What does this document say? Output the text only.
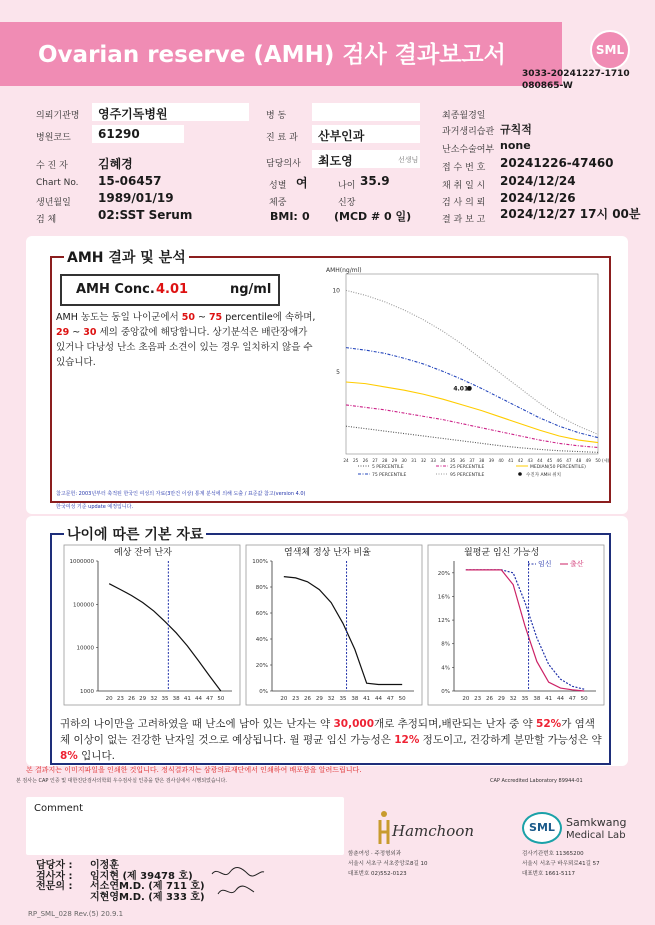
Ovarian reserve (AMH) 검사 결과보고서	SML
3033-20241227-1710 080865-W
의뢰기관명 영주기독병원
병원코드 61290
수 진 자	김혜경
Chart No. 15-06457
생년월일 1989/01/19
검 체	02:SST Serum
병 동
진 료 과 산부인과
담당의사 최도영	선생님
성별 여	나이 35.9
체중	신장
BMI: 0 (MCD # 0 일)
최종월경일
과거생리습관 규칙적
난소수술여부 none
접 수 번 호 20241226-47460
채 취 일 시 2024/12/24
검 사 의 뢰 2024/12/26
결 과 보 고 2024/12/27 17시 00분
AMH 결과 및 분석
AMH Conc. 4.01	ng/ml
AMH 농도는 동일 나이군에서 50 ~ 75 percentile에 속하며, 29 ~ 30 세의 중앙값에 해당합니다. 상기분석은 배란장애가 있거나 다낭성 난소 초음파 소견이 있는 경우 일치하지 않을 수 있습니다.
AMH(ng/ml)
5
10
24 25 26 27 28 29 30 31 32 33 34 35 36 37 38 39 40 41 42 43 44 45 46 47 48 49 50 (세)
4.01
5 PERCENTILE	25 PERCENTILE	MEDIAN(50 PERCENTILE)
75 PERCENTILE	95 PERCENTILE	수진자 AMH 위치
참고문헌: 2003년부터 축적된 한국인 여성의 자료(3만건 이상) 통계 분석에 의해 도출 / 표준값 참고(version 4.0)
한국여성 기준 update 예정입니다.
나이에 따른 기본 자료
1000
10000
100000
1000000
20 23 26 29 32 35 38 41 44 47 50
예상 잔여 난자
0%
20%
40%
60%
80%
100%
20 23 26 29 32 35 38 41 44 47 50
염색체 정상 난자 비율
0%
4%
8%
12%
16%
20%
20 23 26 29 32 35 38 41 44 47 50
월평균 임신 가능성
임신	출산
귀하의 나이만을 고려하였을 때 난소에 남아 있는 난자는 약 30,000개로 추정되며,배란되는 난자 중 약 52%가 염색체 이상이 없는 건강한 난자일 것으로 예상됩니다. 월 평균 임신 가능성은 12% 정도이고, 건강하게 분만할 가능성은 약 8% 입니다.
본 결과지는 이미지파일을 인쇄한 것입니다. 정식결과지는 삼광의료재단에서 인쇄하여 배포함을 알려드립니다.
본 검사는 CAP 인증 및 대한진단검사의학회 우수검사실 인증을 받은 검사실에서 시행되었습니다.	CAP Accredited Laboratory 89944-01
Comment
담당자 : 이정훈
검사자 : 임지현 (제 39478 호)
전문의 : 서소연M.D. (제 711 호)
지현영M.D. (제 333 호)
Hamchoon
함춘여성 · 주정형외과
서울시 서초구 서초중앙로8길 10
대표번호 02)552-0123
SML	Samkwang
Medical Lab
검사기관번호 11365200
서울시 서초구 바우뫼로41길 57
대표번호 1661-5117
RP_SML_028 Rev.(5) 20.9.1
